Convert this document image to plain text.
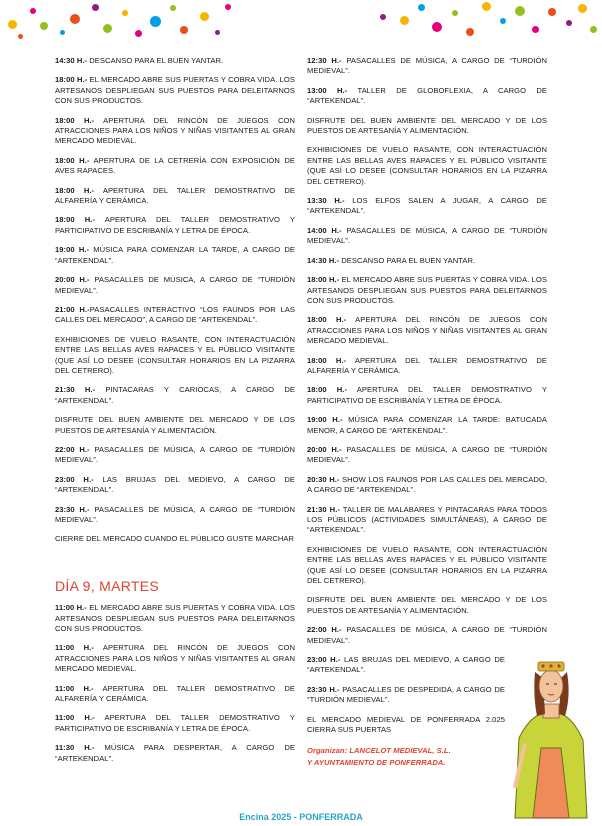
14:30 H.- DESCANSO PARA EL BUEN YANTAR.
18:00 H.- EL MERCADO ABRE SUS PUERTAS Y COBRA VIDA. LOS ARTESANOS DESPLIEGAN SUS PUESTOS PARA DELEITARNOS CON SUS PRODUCTOS.
18:00 H.- APERTURA DEL RINCÓN DE JUEGOS CON ATRACCIONES PARA LOS NIÑOS Y NIÑAS VISITANTES AL GRAN MERCADO MEDIEVAL.
18:00 H.- APERTURA DE LA CETRERÍA CON EXPOSICIÓN DE AVES RAPACES.
18:00 H.- APERTURA DEL TALLER DEMOSTRATIVO DE ALFARERÍA Y CERÁMICA.
18:00 H.- APERTURA DEL TALLER DEMOSTRATIVO Y PARTICIPATIVO DE ESCRIBANÍA Y LETRA DE ÉPOCA.
19:00 H.- MÚSICA PARA COMENZAR LA TARDE, A CARGO DE “ARTEKENDAL”.
20:00 H.- PASACALLES DE MÚSICA, A CARGO DE “TURDIÓN MEDIEVAL”.
21:00 H.-PASACALLES INTERACTIVO “LOS FAUNOS POR LAS CALLES DEL MERCADO”, A CARGO DE “ARTEKENDAL”.
EXHIBICIONES DE VUELO RASANTE, CON INTERACTUACIÓN ENTRE LAS BELLAS AVES RAPACES Y EL PÚBLICO VISITANTE (QUE ASÍ LO DESEE (CONSULTAR HORARIOS EN LA PIZARRA DEL CETRERO).
21:30 H.- PINTACARAS Y CARIOCAS, A CARGO DE “ARTEKENDAL”.
DISFRUTE DEL BUEN AMBIENTE DEL MERCADO Y DE LOS PUESTOS DE ARTESANÍA Y ALIMENTACIÓN.
22:00 H.- PASACALLES DE MÚSICA, A CARGO DE “TURDIÓN MEDIEVAL”.
23:00 H.- LAS BRUJAS DEL MEDIEVO, A CARGO DE “ARTEKENDAL”.
23:30 H.- PASACALLES DE MÚSICA, A CARGO DE “TURDIÓN MEDIEVAL”.
CIERRE DEL MERCADO CUANDO EL PÚBLICO GUSTE MARCHAR
DÍA 9, MARTES
11:00 H.- EL MERCADO ABRE SUS PUERTAS Y COBRA VIDA. LOS ARTESANOS DESPLIEGAN SUS PUESTOS PARA DELEITARNOS CON SUS PRODUCTOS.
11:00 H.- APERTURA DEL RINCÓN DE JUEGOS CON ATRACCIONES PARA LOS NIÑOS Y NIÑAS VISITANTES AL GRAN MERCADO MEDIEVAL.
11:00 H.- APERTURA DEL TALLER DEMOSTRATIVO DE ALFARERÍA Y CERÁMICA.
11:00 H.- APERTURA DEL TALLER DEMOSTRATIVO Y PARTICIPATIVO DE ESCRIBANÍA Y LETRA DE ÉPOCA.
11:30 H.- MÚSICA PARA DESPERTAR, A CARGO DE “ARTEKENDAL”.
12:30 H.- PASACALLES DE MÚSICA, A CARGO DE “TURDIÓN MEDIEVAL”.
13:00 H.- TALLER DE GLOBOFLEXIA, A CARGO DE “ARTEKENDAL”.
DISFRUTE DEL BUEN AMBIENTE DEL MERCADO Y DE LOS PUESTOS DE ARTESANÍA Y ALIMENTACIÓN.
EXHIBICIONES DE VUELO RASANTE, CON INTERACTUACIÓN ENTRE LAS BELLAS AVES RAPACES Y EL PÚBLICO VISITANTE (QUE ASÍ LO DESEE (CONSULTAR HORARIOS EN LA PIZARRA DEL CETRERO).
13:30 H.- LOS ELFOS SALEN A JUGAR, A CARGO DE “ARTEKENDAL”.
14:00 H.- PASACALLES DE MÚSICA, A CARGO DE “TURDIÓN MEDIEVAL”.
14:30 H.- DESCANSO PARA EL BUEN YANTAR.
18:00 H.- EL MERCADO ABRE SUS PUERTAS Y COBRA VIDA. LOS ARTESANOS DESPLIEGAN SUS PUESTOS PARA DELEITARNOS CON SUS PRODUCTOS.
18:00 H.- APERTURA DEL RINCÓN DE JUEGOS CON ATRACCIONES PARA LOS NIÑOS Y NIÑAS VISITANTES AL GRAN MERCADO MEDIEVAL.
18:00 H.- APERTURA DEL TALLER DEMOSTRATIVO DE ALFARERÍA Y CERÁMICA.
18:00 H.- APERTURA DEL TALLER DEMOSTRATIVO Y PARTICIPATIVO DE ESCRIBANÍA Y LETRA DE ÉPOCA.
19:00 H.- MÚSICA PARA COMENZAR LA TARDE: BATUCADA MENOR, A CARGO DE “ARTEKENDAL”.
20:00 H.- PASACALLES DE MÚSICA, A CARGO DE “TURDIÓN MEDIEVAL”.
20:30 H.- SHOW LOS FAUNOS POR LAS CALLES DEL MERCADO, A CARGO DE “ARTEKENDAL”.
21:30 H.- TALLER DE MALABARES Y PINTACARAS PARA TODOS LOS PÚBLICOS (ACTIVIDADES SIMULTÁNEAS), A CARGO DE “ARTEKENDAL”.
EXHIBICIONES DE VUELO RASANTE, CON INTERACTUACIÓN ENTRE LAS BELLAS AVES RAPACES Y EL PÚBLICO VISITANTE (QUE ASÍ LO DESEE (CONSULTAR HORARIOS EN LA PIZARRA DEL CETRERO).
DISFRUTE DEL BUEN AMBIENTE DEL MERCADO Y DE LOS PUESTOS DE ARTESANÍA Y ALIMENTACIÓN.
22:00 H.- PASACALLES DE MÚSICA, A CARGO DE “TURDIÓN MEDIEVAL”.
23:00 H.- LAS BRUJAS DEL MEDIEVO, A CARGO DE “ARTEKENDAL”.
23:30 H.- PASACALLES DE DESPEDIDA, A CARGO DE “TURDIÓN MEDIEVAL”.
EL MERCADO MEDIEVAL DE PONFERRADA 2.025 CIERRA SUS PUERTAS
Organizan: LANCELOT MEDIEVAL, S.L.
Y AYUNTAMIENTO DE PONFERRADA.
Encina 2025 - PONFERRADA
